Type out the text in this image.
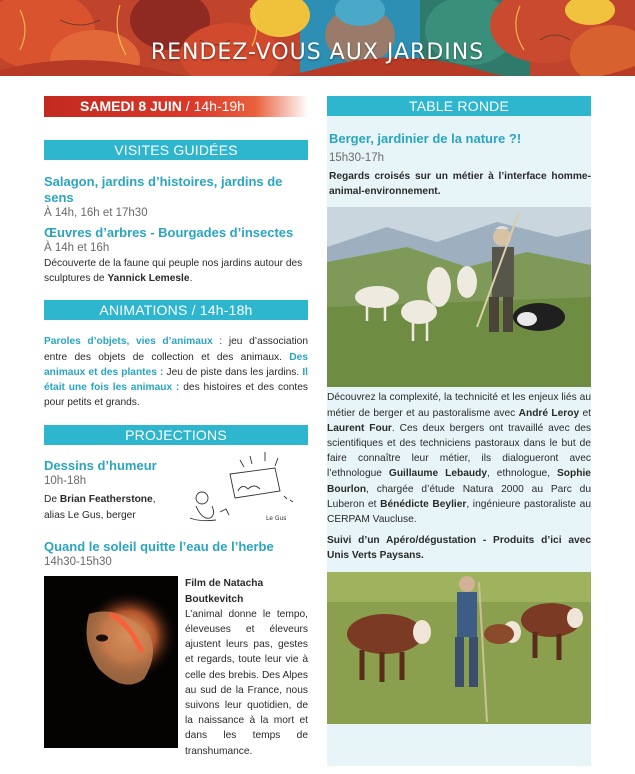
RENDEZ-VOUS AUX JARDINS
SAMEDI 8 JUIN / 14h-19h
VISITES GUIDÉES
Salagon, jardins d’histoires, jardins de sens
À 14h, 16h et 17h30
Œuvres d’arbres - Bourgades d’insectes
À 14h et 16h
Découverte de la faune qui peuple nos jardins autour des sculptures de Yannick Lemesle.
ANIMATIONS / 14h-18h
Paroles d’objets, vies d’animaux : jeu d’association entre des objets de collection et des animaux. Des animaux et des plantes : Jeu de piste dans les jardins. Il était une fois les animaux : des histoires et des contes pour petits et grands.
PROJECTIONS
Dessins d’humeur
10h-18h
De Brian Featherstone, alias Le Gus, berger	Le Gus
Quand le soleil quitte l’eau de l’herbe
14h30-15h30
Film de Natacha Boutkevitch
L’animal donne le tempo, éleveuses et éleveurs ajustent leurs pas, gestes et regards, toute leur vie à celle des brebis. Des Alpes au sud de la France, nous suivons leur quotidien, de la naissance à la mort et dans les temps de transhumance.
TABLE RONDE
Berger, jardinier de la nature ?!
15h30-17h
Regards croisés sur un métier à l’interface homme-animal-environnement.
Découvrez la complexité, la technicité et les enjeux liés au métier de berger et au pastoralisme avec André Leroy et Laurent Four. Ces deux bergers ont travaillé avec des scientifiques et des techniciens pastoraux dans le but de faire connaître leur métier, ils dialogueront avec l’ethnologue Guillaume Lebaudy, ethnologue, Sophie Bourlon, chargée d’étude Natura 2000 au Parc du Luberon et Bénédicte Beylier, ingénieure pastoraliste au CERPAM Vaucluse.
Suivi d’un Apéro/dégustation - Produits d’ici avec Unis Verts Paysans.
